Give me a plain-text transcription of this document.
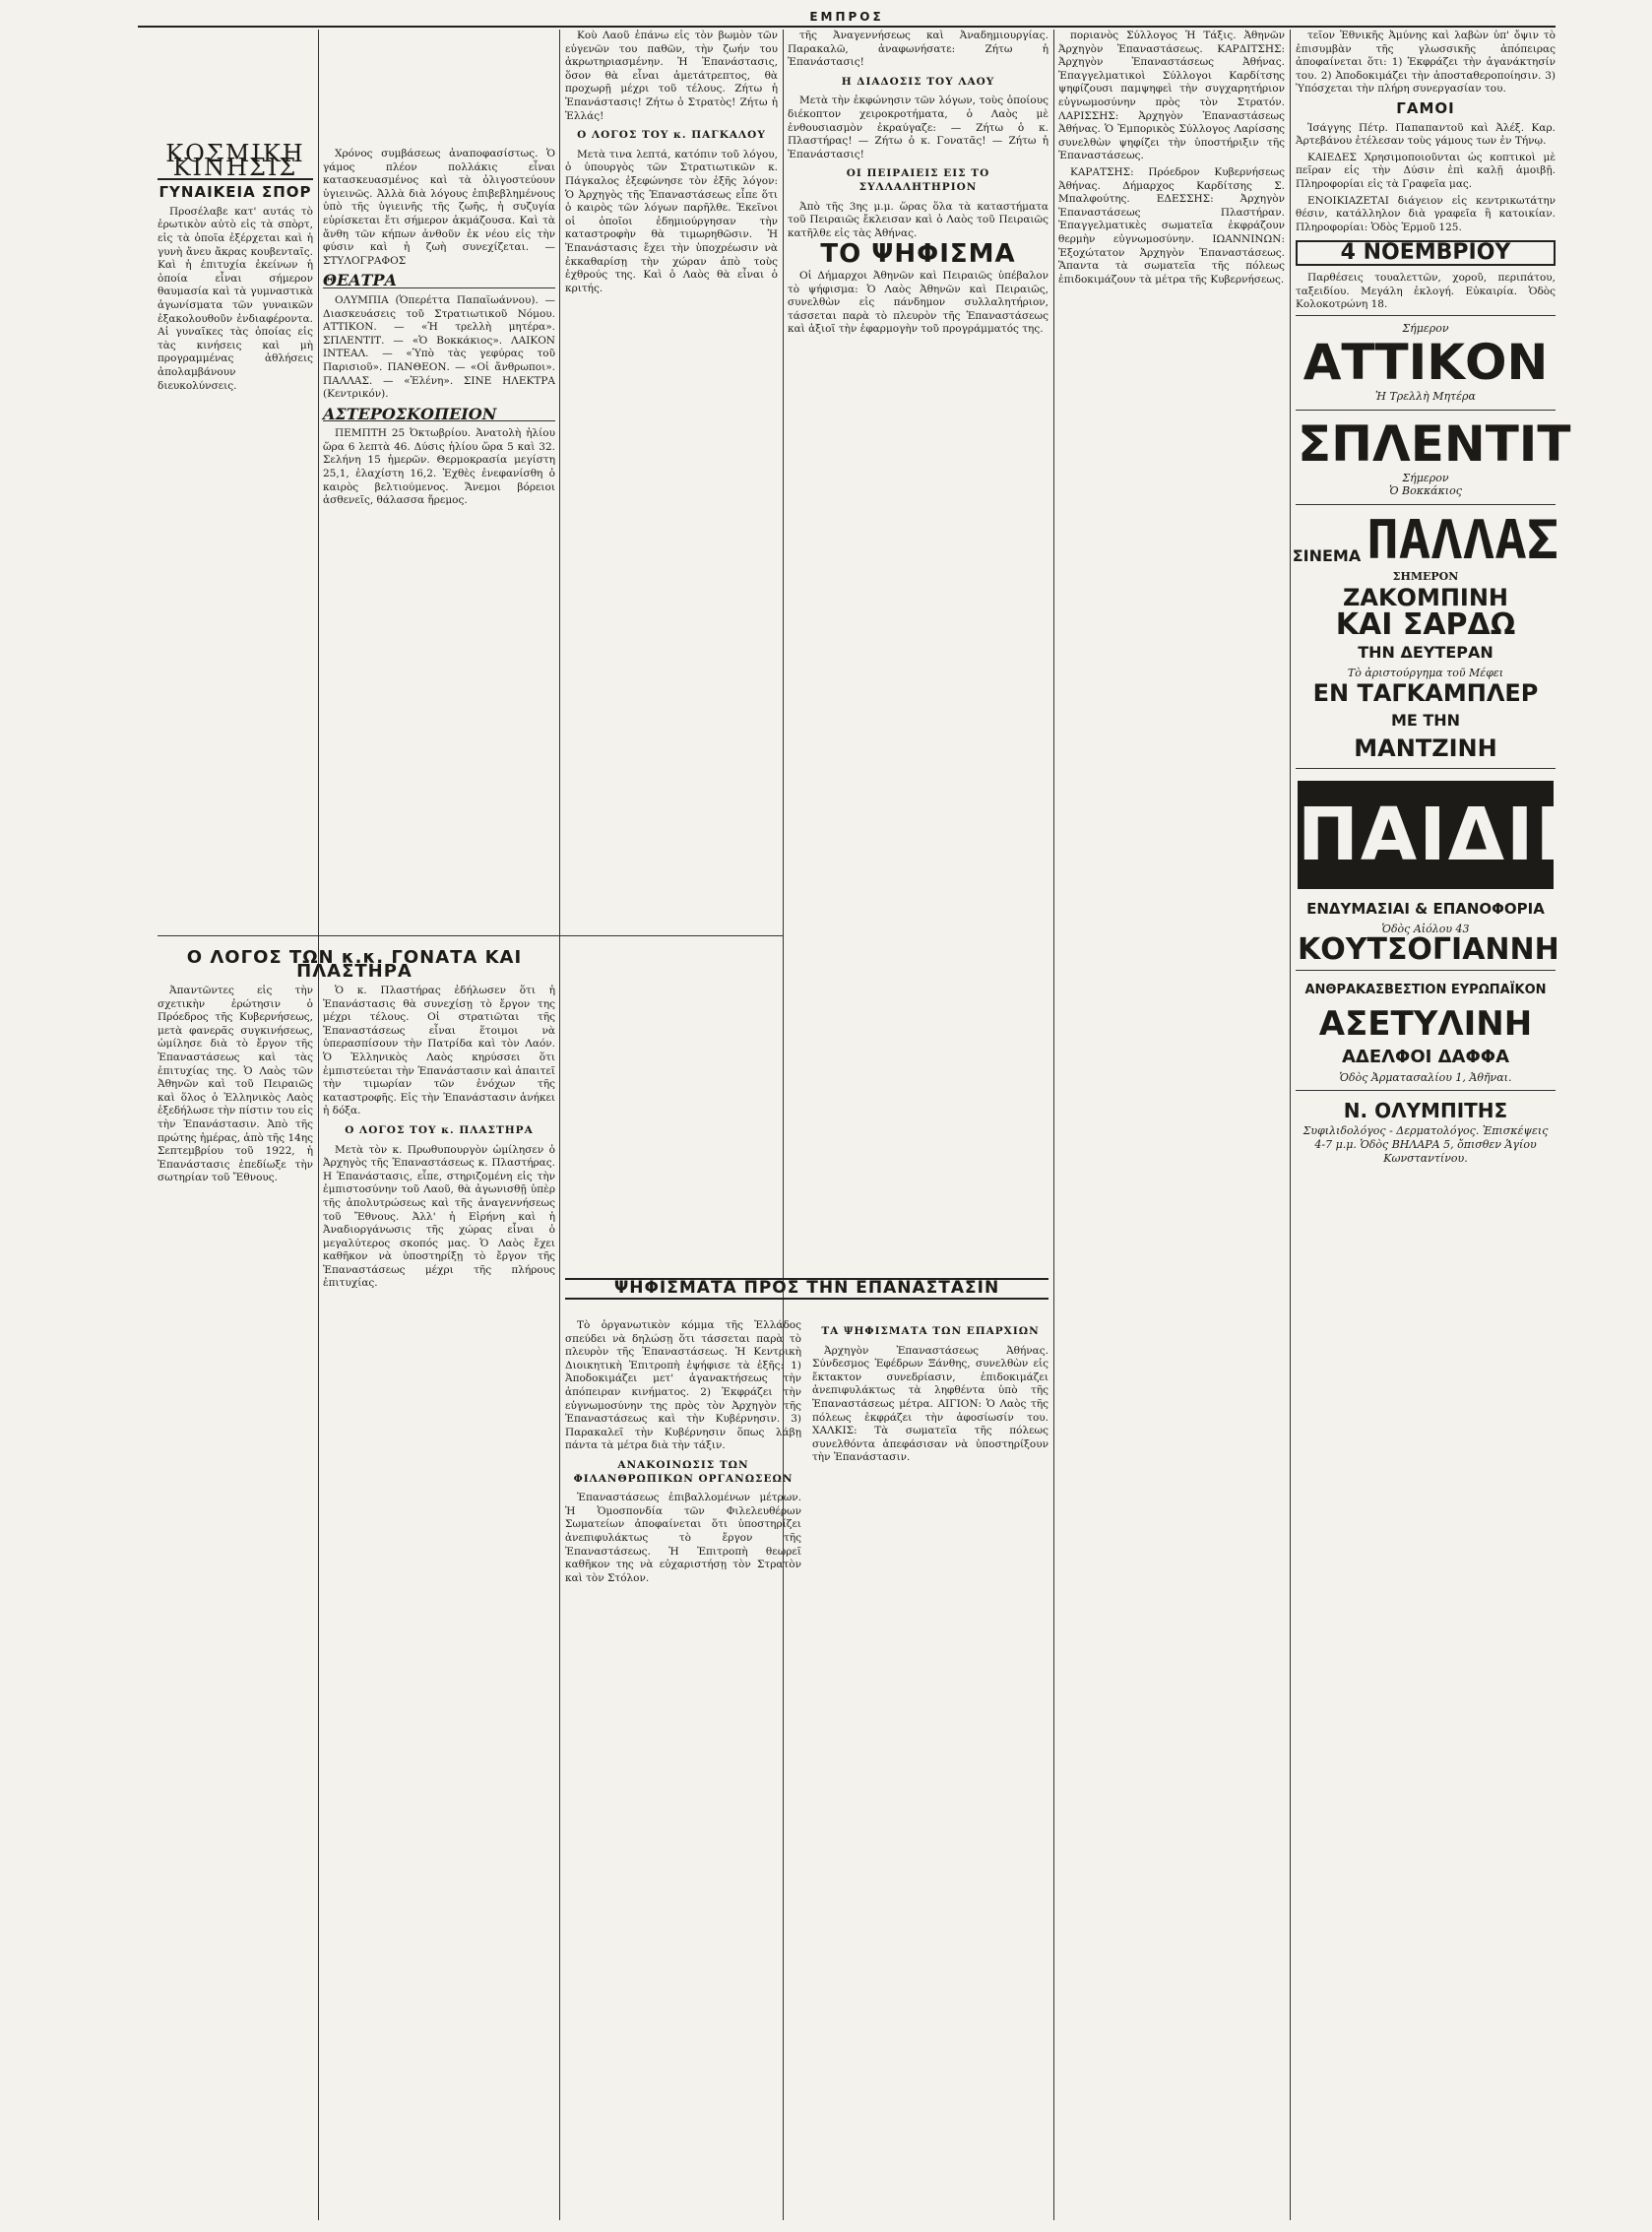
ΕΜΠΡΟΣ
ΚΟΣΜΙΚΗ ΚΙΝΗΣΙΣ
ΓΥΝΑΙΚΕΙΑ ΣΠΟΡ

Προσέλαβε κατ' αυτάς τὸ ἐρωτικὸν αὐτὸ εἰς τὰ σπὸρτ, εἰς τὰ ὁποῖα ἐξέρχεται καὶ ἡ γυνὴ ἄνευ ἄκρας κουβενταῖς. Καὶ ἡ ἐπιτυχία ἐκείνων ἡ ὁποία εἶναι σήμερον θαυμασία καὶ τὰ γυμναστικὰ ἀγωνίσματα τῶν γυναικῶν ἐξακολουθοῦν ἐνδιαφέροντα. Αἱ γυναῖκες τὰς ὁποίας εἰς τὰς κινήσεις καὶ μὴ προγραμμένας ἀθλήσεις ἀπολαμβάνουν διευκολύνσεις.

Χρόνος συμβάσεως ἀναποφασίστως. Ὁ γάμος πλέον πολλάκις εἶναι κατασκευασμένος καὶ τὰ ὀλιγοστεύουν ὑγιεινῶς. Ἀλλὰ διὰ λόγους ἐπιβεβλημένους ὑπὸ τῆς ὑγιεινῆς τῆς ζωῆς, ἡ συζυγία εὐρίσκεται ἔτι σήμερον ἀκμάζουσα. Καὶ τὰ ἄνθη τῶν κήπων ἀνθοῦν ἐκ νέου εἰς τὴν φύσιν καὶ ἡ ζωὴ συνεχίζεται. — ΣΤΥΛΟΓΡΑΦΟΣ

ΘΕΑΤΡΑ

ΟΛΥΜΠΙΑ (Ὁπερέττα Παπαϊωάννου). — Διασκευάσεις τοῦ Στρατιωτικοῦ Νόμου. ΑΤΤΙΚΟΝ. — «Ἡ τρελλὴ μητέρα». ΣΠΛΕΝΤΙΤ. — «Ὁ Βοκκάκιος». ΛΑΙΚΟΝ ΙΝΤΕΑΛ. — «Ὑπὸ τὰς γεφύρας τοῦ Παρισιοῦ». ΠΑΝΘΕΟΝ. — «Οἱ ἄνθρωποι». ΠΑΛΛΑΣ. — «Ἐλένη». ΣΙΝΕ ΗΛΕΚΤΡΑ (Κεντρικόν).

ΑΣΤΕΡΟΣΚΟΠΕΙΟΝ

ΠΕΜΠΤΗ 25 Ὀκτωβρίου. Ἀνατολὴ ἡλίου ὥρα 6 λεπτὰ 46. Δύσις ἡλίου ὥρα 5 καὶ 32. Σελήνη 15 ἡμερῶν. Θερμοκρασία μεγίστη 25,1, ἐλαχίστη 16,2. Ἐχθὲς ἐνεφανίσθη ὁ καιρὸς βελτιούμενος. Ἄνεμοι βόρειοι ἀσθενεῖς, θάλασσα ἤρεμος.

Ο ΛΟΓΟΣ ΤΩΝ κ.κ. ΓΟΝΑΤΑ ΚΑΙ ΠΛΑΣΤΗΡΑ

Ἀπαντῶντες εἰς τὴν σχετικὴν ἐρώτησιν ὁ Πρόεδρος τῆς Κυβερνήσεως, μετὰ φανερᾶς συγκινήσεως, ὡμίλησε διὰ τὸ ἔργον τῆς Ἐπαναστάσεως καὶ τὰς ἐπιτυχίας της. Ὁ Λαὸς τῶν Ἀθηνῶν καὶ τοῦ Πειραιῶς καὶ ὅλος ὁ Ἑλληνικὸς Λαὸς ἐξεδήλωσε τὴν πίστιν του εἰς τὴν Ἐπανάστασιν. Ἀπὸ τῆς πρώτης ἡμέρας, ἀπὸ τῆς 14ης Σεπτεμβρίου τοῦ 1922, ἡ Ἐπανάστασις ἐπεδίωξε τὴν σωτηρίαν τοῦ Ἔθνους.

Ὁ κ. Πλαστήρας ἐδήλωσεν ὅτι ἡ Ἐπανάστασις θὰ συνεχίσῃ τὸ ἔργον της μέχρι τέλους. Οἱ στρατιῶται τῆς Ἐπαναστάσεως εἶναι ἕτοιμοι νὰ ὑπερασπίσουν τὴν Πατρίδα καὶ τὸν Λαόν. Ὁ Ἑλληνικὸς Λαὸς κηρύσσει ὅτι ἐμπιστεύεται τὴν Ἐπανάστασιν καὶ ἀπαιτεῖ τὴν τιμωρίαν τῶν ἐνόχων τῆς καταστροφῆς. Εἰς τὴν Ἐπανάστασιν ἀνήκει ἡ δόξα.

Ο ΛΟΓΟΣ ΤΟΥ κ. ΠΛΑΣΤΗΡΑ

Μετὰ τὸν κ. Πρωθυπουργὸν ὡμίλησεν ὁ Ἀρχηγὸς τῆς Ἐπαναστάσεως κ. Πλαστήρας. Η Ἐπανάστασις, εἶπε, στηριζομένη εἰς τὴν ἐμπιστοσύνην τοῦ Λαοῦ, θὰ ἀγωνισθῇ ὑπὲρ τῆς ἀπολυτρώσεως καὶ τῆς ἀναγεννήσεως τοῦ Ἔθνους. Ἀλλ' ἡ Εἰρήνη καὶ ἡ Ἀναδιοργάνωσις τῆς χώρας εἶναι ὁ μεγαλύτερος σκοπός μας. Ὁ Λαὸς ἔχει καθῆκον νὰ ὑποστηρίξῃ τὸ ἔργον τῆς Ἐπαναστάσεως μέχρι τῆς πλήρους ἐπιτυχίας.

Κοὺ Λαοῦ ἐπάνω εἰς τὸν βωμὸν τῶν εὐγενῶν του παθῶν, τὴν ζωήν του ἀκρωτηριασμένην. Ἡ Ἐπανάστασις, ὅσον θὰ εἶναι ἀμετάτρεπτος, θὰ προχωρῇ μέχρι τοῦ τέλους. Ζήτω ἡ Ἐπανάστασις! Ζήτω ὁ Στρατὸς! Ζήτω ἡ Ἑλλάς!

Ο ΛΟΓΟΣ ΤΟΥ κ. ΠΑΓΚΑΛΟΥ

Μετὰ τινα λεπτά, κατόπιν τοῦ λόγου, ὁ ὑπουργὸς τῶν Στρατιωτικῶν κ. Πάγκαλος ἐξεφώνησε τὸν ἑξῆς λόγον: Ὁ Ἀρχηγὸς τῆς Ἐπαναστάσεως εἶπε ὅτι ὁ καιρὸς τῶν λόγων παρῆλθε. Ἐκεῖνοι οἱ ὁποῖοι ἐδημιούργησαν τὴν καταστροφὴν θὰ τιμωρηθῶσιν. Ἡ Ἐπανάστασις ἔχει τὴν ὑποχρέωσιν νὰ ἐκκαθαρίσῃ τὴν χώραν ἀπὸ τοὺς ἐχθρούς της. Καὶ ὁ Λαὸς θὰ εἶναι ὁ κριτής.

τῆς Ἀναγεννήσεως καὶ Ἀναδημιουργίας. Παρακαλῶ, ἀναφωνήσατε: Ζήτω ἡ Ἐπανάστασις!

Η ΔΙΑΔΟΣΙΣ ΤΟΥ ΛΑΟΥ

Μετὰ τὴν ἐκφώνησιν τῶν λόγων, τοὺς ὁποίους διέκοπτον χειροκροτήματα, ὁ Λαὸς μὲ ἐνθουσιασμὸν ἐκραύγαζε: — Ζήτω ὁ κ. Πλαστήρας! — Ζήτω ὁ κ. Γονατᾶς! — Ζήτω ἡ Ἐπανάστασις!

ΟΙ ΠΕΙΡΑΙΕΙΣ ΕΙΣ ΤΟ ΣΥΛΛΑΛΗΤΗΡΙΟΝ

Ἀπὸ τῆς 3ης μ.μ. ὥρας ὅλα τὰ καταστήματα τοῦ Πειραιῶς ἔκλεισαν καὶ ὁ Λαὸς τοῦ Πειραιῶς κατῆλθε εἰς τὰς Ἀθήνας.

ΤΟ ΨΗΦΙΣΜΑ

Οἱ Δήμαρχοι Ἀθηνῶν καὶ Πειραιῶς ὑπέβαλον τὸ ψήφισμα: Ὁ Λαὸς Ἀθηνῶν καὶ Πειραιῶς, συνελθὼν εἰς πάνδημον συλλαλητήριον, τάσσεται παρὰ τὸ πλευρὸν τῆς Ἐπαναστάσεως καὶ ἀξιοῖ τὴν ἐφαρμογὴν τοῦ προγράμματός της.

ΨΗΦΙΣΜΑΤΑ ΠΡΟΣ ΤΗΝ ΕΠΑΝΑΣΤΑΣΙΝ

Τὸ ὀργανωτικὸν κόμμα τῆς Ἑλλάδος σπεύδει νὰ δηλώσῃ ὅτι τάσσεται παρὰ τὸ πλευρὸν τῆς Ἐπαναστάσεως. Ἡ Κεντρικὴ Διοικητικὴ Ἐπιτροπὴ ἐψήφισε τὰ ἑξῆς: 1) Ἀποδοκιμάζει μετ' ἀγανακτήσεως τὴν ἀπόπειραν κινήματος. 2) Ἐκφράζει τὴν εὐγνωμοσύνην της πρὸς τὸν Ἀρχηγὸν τῆς Ἐπαναστάσεως καὶ τὴν Κυβέρνησιν. 3) Παρακαλεῖ τὴν Κυβέρνησιν ὅπως λάβῃ πάντα τὰ μέτρα διὰ τὴν τάξιν.

ΑΝΑΚΟΙΝΩΣΙΣ ΤΩΝ ΦΙΛΑΝΘΡΩΠΙΚΩΝ ΟΡΓΑΝΩΣΕΩΝ

Ἐπαναστάσεως ἐπιβαλλομένων μέτρων. Ἡ Ὁμοσπονδία τῶν Φιλελευθέρων Σωματείων ἀποφαίνεται ὅτι ὑποστηρίζει ἀνεπιφυλάκτως τὸ ἔργον τῆς Ἐπαναστάσεως. Ἡ Ἐπιτροπὴ θεωρεῖ καθῆκον της νὰ εὐχαριστήσῃ τὸν Στρατὸν καὶ τὸν Στόλον.

ΤΑ ΨΗΦΙΣΜΑΤΑ ΤΩΝ ΕΠΑΡΧΙΩΝ

Ἀρχηγὸν Ἐπαναστάσεως Ἀθήνας. Σύνδεσμος Ἐφέδρων Ξάνθης, συνελθὼν εἰς ἔκτακτον συνεδρίασιν, ἐπιδοκιμάζει ἀνεπιφυλάκτως τὰ ληφθέντα ὑπὸ τῆς Ἐπαναστάσεως μέτρα. ΑΙΓΙΟΝ: Ὁ Λαὸς τῆς πόλεως ἐκφράζει τὴν ἀφοσίωσίν του. ΧΑΛΚΙΣ: Τὰ σωματεῖα τῆς πόλεως συνελθόντα ἀπεφάσισαν νὰ ὑποστηρίξουν τὴν Ἐπανάστασιν.

ποριανὸς Σύλλογος Ἡ Τάξις. Ἀθηνῶν Ἀρχηγὸν Ἐπαναστάσεως. ΚΑΡΔΙΤΣΗΣ: Ἀρχηγὸν Ἐπαναστάσεως Ἀθήνας. Ἐπαγγελματικοὶ Σύλλογοι Καρδίτσης ψηφίζουσι παμψηφεὶ τὴν συγχαρητήριον εὐγνωμοσύνην πρὸς τὸν Στρατόν. ΛΑΡΙΣΣΗΣ: Ἀρχηγὸν Ἐπαναστάσεως Ἀθήνας. Ὁ Ἐμπορικὸς Σύλλογος Λαρίσσης συνελθὼν ψηφίζει τὴν ὑποστήριξιν τῆς Ἐπαναστάσεως.

ΚΑΡΑΤΣΗΣ: Πρόεδρον Κυβερνήσεως Ἀθήνας. Δήμαρχος Καρδίτσης Σ. Μπαλφούτης. ΕΔΕΣΣΗΣ: Ἀρχηγὸν Ἐπαναστάσεως Πλαστήραν. Ἐπαγγελματικὲς σωματεῖα ἐκφράζουν θερμὴν εὐγνωμοσύνην. ΙΩΑΝΝΙΝΩΝ: Ἐξοχώτατον Ἀρχηγὸν Ἐπαναστάσεως. Ἅπαντα τὰ σωματεῖα τῆς πόλεως ἐπιδοκιμάζουν τὰ μέτρα τῆς Κυβερνήσεως.

τεῖον Ἐθνικῆς Ἀμύνης καὶ λαβὼν ὑπ' ὄψιν τὸ ἐπισυμβὰν τῆς γλωσσικῆς ἀπόπειρας ἀποφαίνεται ὅτι: 1) Ἐκφράζει τὴν ἀγανάκτησίν του. 2) Ἀποδοκιμάζει τὴν ἀποσταθεροποίησιν. 3) Ὑπόσχεται τὴν πλήρη συνεργασίαν του.

ΓΑΜΟΙ

Ἰσάγγης Πέτρ. Παπαπαντοῦ καὶ Ἀλέξ. Καρ. Ἀρτεβάνου ἐτέλεσαν τοὺς γάμους των ἐν Τήνῳ.

ΚΑΙΕΔΕΣ Χρησιμοποιοῦνται ὡς κοπτικοὶ μὲ πεῖραν εἰς τὴν Δύσιν ἐπὶ καλῇ ἀμοιβῇ. Πληροφορίαι εἰς τὰ Γραφεῖα μας.

ΕΝΟΙΚΙΑΖΕΤΑΙ διάγειον εἰς κεντρικωτάτην θέσιν, κατάλληλον διὰ γραφεῖα ἢ κατοικίαν. Πληροφορίαι: Ὁδὸς Ἑρμοῦ 125.

4 ΝΟΕΜΒΡΙΟΥ

Παρθέσεις τουαλεττῶν, χοροῦ, περιπάτου, ταξειδίου. Μεγάλη ἐκλογή. Εὐκαιρία. Ὁδὸς Κολοκοτρώνη 18.

Σήμερον
ΑΤΤΙΚΟΝ
Ἡ Τρελλὴ Μητέρα
ΣΠΛΕΝΤΙΤ
Σήμερον
Ὁ Βοκκάκιος
ΣΙΝΕΜΑ ΠΑΛΛΑΣ
ΣΗΜΕΡΟΝ
ΖΑΚΟΜΠΙΝΗ
ΚΑΙ ΣΑΡΔΩ
ΤΗΝ ΔΕΥΤΕΡΑΝ
Τὸ ἀριστούργημα τοῦ Μέφει
ΕΝ ΤΑΓΚΑΜΠΛΕΡ
ΜΕ ΤΗΝ
ΜΑΝΤΖΙΝΗ
ΠΑΙΔΙΚΑ
ΕΝΔΥΜΑΣΙΑΙ & ΕΠΑΝΟΦΟΡΙΑ
Ὁδὸς Αἰόλου 43
ΚΟΥΤΣΟΓΙΑΝΝΗ
ΑΝΘΡΑΚΑΣΒΕΣΤΙΟΝ ΕΥΡΩΠΑΪΚΟΝ
ΑΣΕΤΥΛΙΝΗ
ΑΔΕΛΦΟΙ ΔΑΦΦΑ
Ὁδὸς Ἀρματασαλίου 1, Ἀθῆναι.
Ν. ΟΛΥΜΠΙΤΗΣ
Συφιλιδολόγος - Δερματολόγος. Ἐπισκέψεις 4-7 μ.μ. Ὁδὸς ΒΗΛΑΡΑ 5, ὄπισθεν Ἁγίου Κωνσταντίνου.
